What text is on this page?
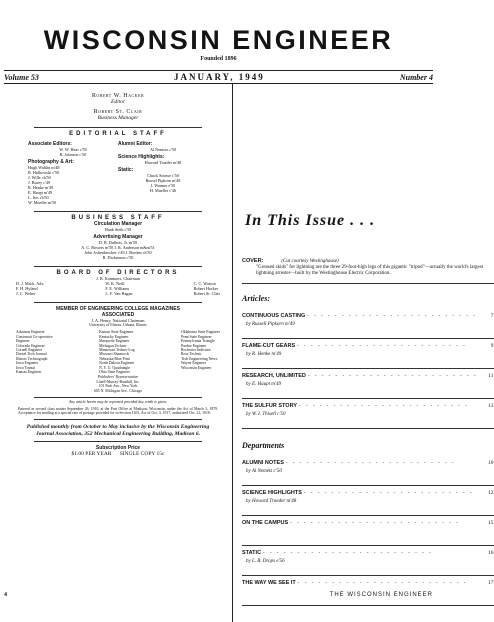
WISCONSIN ENGINEER
Founded 1896
Volume 53	JANUARY, 1949	Number 4
Robert W. Hacker
Editor
Robert St. Clair
Business Manager
EDITORIAL STAFF
Associate Editors:
W. W. Haas c'50
R. Johnson c'50
Photography & Art:
Hugh Wahlin m'48
R. Hulkowski c'50
J. Wille ch'50
J. Busey c'49
R. Henke m'49
E. Haupt m'49
L. Ites ch'50
W. Mueller m'50
Alumni Editor:
Al Nemetz c'50
Science Highlights:
Howard Traeder m'48
Static:
Chuck Strasse c'50
Russel Pipkorn m'49
J. Wanner e'50
H. Mueller c'46
BUSINESS STAFF
Circulation Manager
Hank Sieth c'50
Advertising Manager
D. R. Dulheis, Jr. m'50
A. C. Bowers m'50 J. R. Anderson m&m'51
John Ashenbrucker c'49 J. Borden ch'50
R. Dickenson c'50
BOARD OF DIRECTORS
J. B. Kommers, Chairman
D. J. Mack, Adv.
F. H. Hyland
J. C. Weber
W. K. Neill
F. E. Williams
L. F. Van Hagan
C. C. Watson
Robert Hacker
Robert St. Clair
MEMBER OF ENGINEERING COLLEGE MAGAZINES
ASSOCIATED
J. A. Henry, National Chairman
University of Illinois, Urbana, Illinois
Arkansas Engineer
Cincinnati Co-operative
Engineer
Colorado Engineer
Cornell Engineer
Drexel Tech Journal
Illinois Technograph
Iowa Engineer
Iowa Transit
Kansas Engineer
Kansas State Engineer
Kentucky Engineer
Marquette Engineer
Michigan Technic
Minnesota Techno-Log
Missouri Shamrock
Nebraska Blue Print
North Dakota Engineer
N. Y. U. Quadrangle
Ohio State Engineer
Oklahoma State Engineer
Penn State Engineer
Pennsylvania Triangle
Purdue Engineer
Rochester Indicator
Rose Technic
Tech Engineering News
Wayne Engineer
Wisconsin Engineer
Publishers' Representative
Littell-Murray-Barnhill, Inc.
101 Park Ave., New York
605 N. Michigan Ave., Chicago
Any article herein may be reprinted provided due credit is given.
Entered as second class matter September 26, 1910, at the Post Office at Madison, Wisconsin, under the Act of March 3, 1879. Acceptance for mailing at a special rate of postage provided for in Section 1103, Act of Oct. 3, 1917, authorized Oct. 21, 1918.
Published monthly from October to May inclusive by the Wisconsin Engineering Journal Association, 352 Mechanical Engineering Building, Madison 6.
Subscription Price
$1.00 PER YEAR      SINGLE COPY 15c
In This Issue . . .
COVER:	(Cut courtesy Westinghouse)
"Greased skids" for lightning are the three 29-foot-high legs of this gigantic "tripod"—actually the world's largest lightning arrester—built by the Westinghouse Electric Corporation.
Articles:
CONTINUOUS CASTING - - - - - - - - - - - - - - - - - - - - - - - - -	7
by Russell Pipkorn m'49
FLAME-CUT GEARS - - - - - - - - - - - - - - - - - - - - - - - - -	9
by R. Henke m'49
RESEARCH, UNLIMITED - - - - - - - - - - - - - - - - - - - - - - - - -	11
by E. Haupt m'49
THE SULFUR STORY - - - - - - - - - - - - - - - - - - - - - - - - -	13
by W. I. Thisell c'50
Departments
ALUMNI NOTES - - - - - - - - - - - - - - - - - - - - - - - - -	10
by Al Nemetz c'50
SCIENCE HIGHLIGHTS - - - - - - - - - - - - - - - - - - - - - - - - -	12
by Howard Traeder m'48
ON THE CAMPUS - - - - - - - - - - - - - - - - - - - - - - - - -	15
STATIC - - - - - - - - - - - - - - - - - - - - - - - - -	16
by L. R. Drops e'56
THE WAY WE SEE IT - - - - - - - - - - - - - - - - - - - - - - - - -	17
4	THE WISCONSIN ENGINEER
